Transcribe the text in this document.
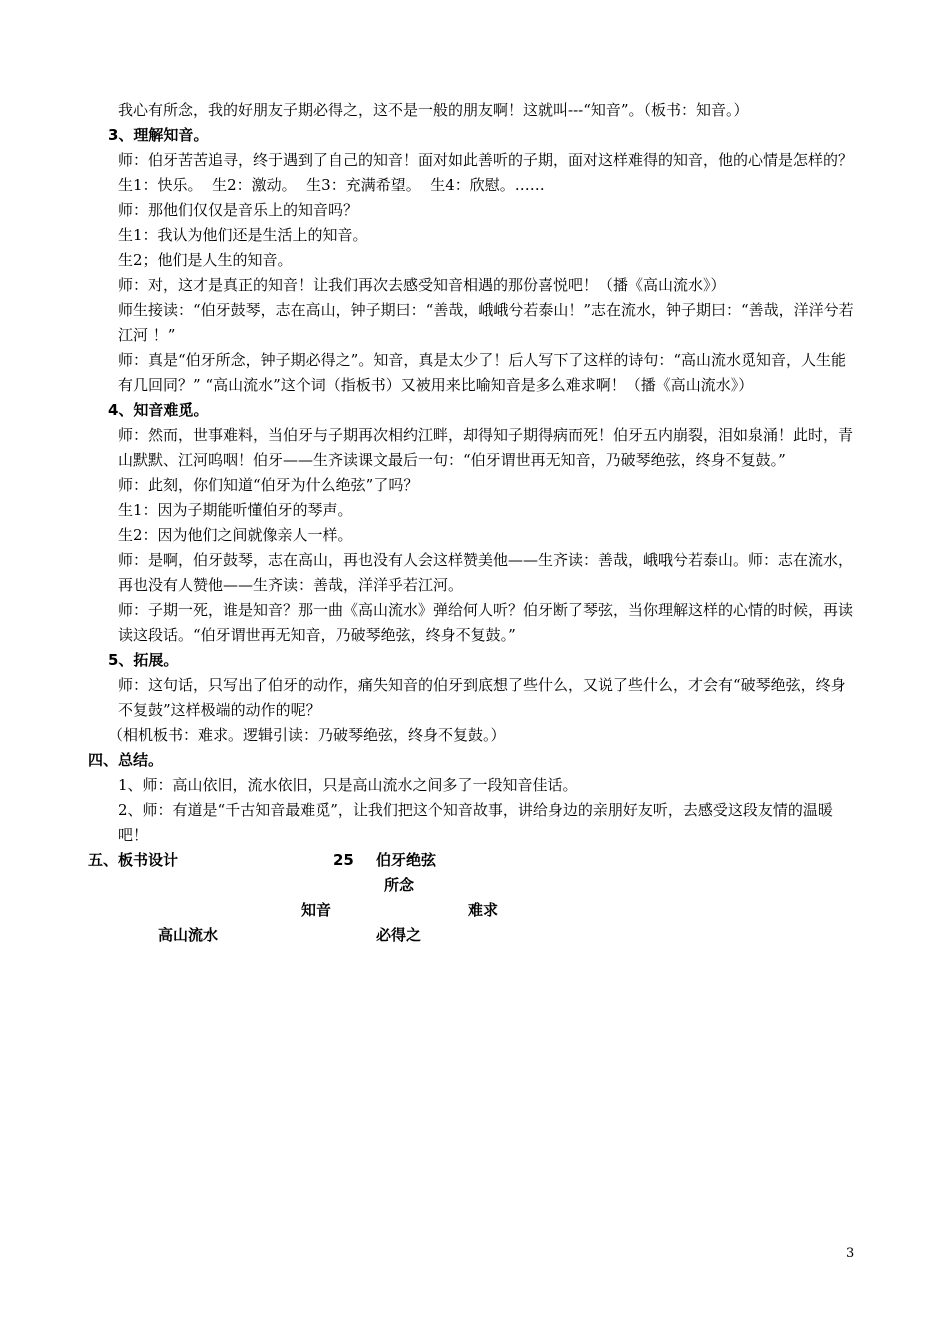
我心有所念，我的好朋友子期必得之，这不是一般的朋友啊！这就叫---“知音”。（板书：知音。）

3、理解知音。

师：伯牙苦苦追寻，终于遇到了自己的知音！面对如此善听的子期，面对这样难得的知音，他的心情是怎样的？

生1：快乐。  生2：激动。  生3：充满希望。  生4：欣慰。……

师：那他们仅仅是音乐上的知音吗？

生1：我认为他们还是生活上的知音。

生2；他们是人生的知音。

师：对，这才是真正的知音！让我们再次去感受知音相遇的那份喜悦吧！（播《高山流水》）

师生接读：“伯牙鼓琴，志在高山，钟子期曰：“善哉，峨峨兮若泰山！”志在流水，钟子期曰：“善哉，洋洋兮若江河 ！”

师：真是“伯牙所念，钟子期必得之”。知音，真是太少了！后人写下了这样的诗句：“高山流水觅知音，人生能有几回同？” “高山流水”这个词（指板书）又被用来比喻知音是多么难求啊！（播《高山流水》）

4、知音难觅。

师：然而，世事难料，当伯牙与子期再次相约江畔，却得知子期得病而死！伯牙五内崩裂，泪如泉涌！此时，青山默默、江河呜咽！伯牙——生齐读课文最后一句：“伯牙谓世再无知音，乃破琴绝弦，终身不复鼓。”

师：此刻，你们知道“伯牙为什么绝弦”了吗？

生1：因为子期能听懂伯牙的琴声。

生2：因为他们之间就像亲人一样。

师：是啊，伯牙鼓琴，志在高山，再也没有人会这样赞美他——生齐读：善哉，峨哦兮若泰山。师：志在流水，再也没有人赞他——生齐读：善哉，洋洋乎若江河。

师：子期一死，谁是知音？那一曲《高山流水》弹给何人听？伯牙断了琴弦，当你理解这样的心情的时候，再读读这段话。“伯牙谓世再无知音，乃破琴绝弦，终身不复鼓。”

5、拓展。

师：这句话，只写出了伯牙的动作，痛失知音的伯牙到底想了些什么，又说了些什么，才会有“破琴绝弦，终身不复鼓”这样极端的动作的呢？

（相机板书：难求。逻辑引读：乃破琴绝弦，终身不复鼓。）

四、总结。

1、师：高山依旧，流水依旧，只是高山流水之间多了一段知音佳话。

2、师：有道是“千古知音最难觅”，让我们把这个知音故事，讲给身边的亲朋好友听，去感受这段友情的温暖吧！

五、板书设计	25 伯牙绝弦
所念
知音	难求
高山流水	必得之
3
